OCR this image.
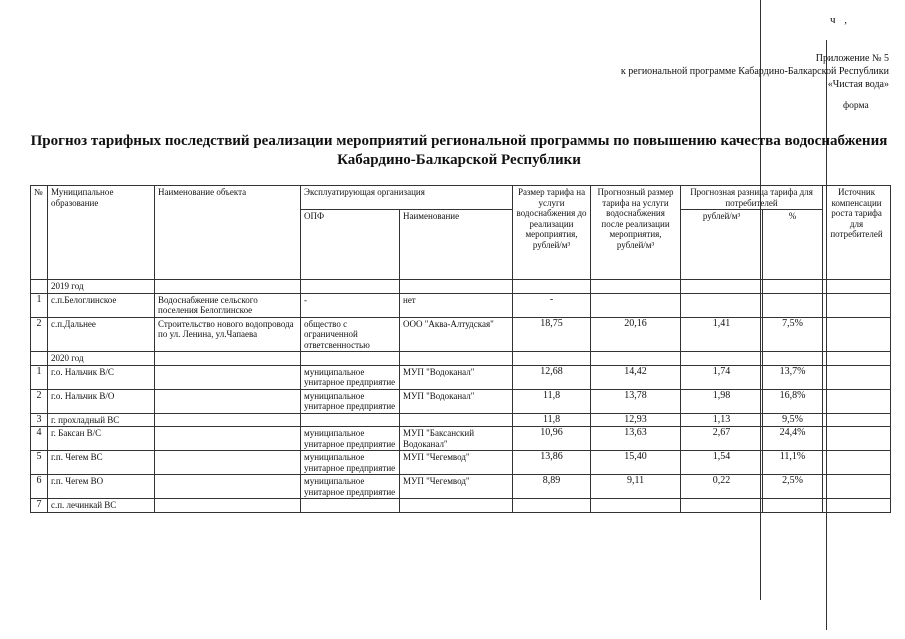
ч ,
Приложение № 5
к региональной программе Кабардино-Балкарской Республики
«Чистая вода»
форма
Прогноз тарифных последствий реализации мероприятий региональной программы по повышению качества водоснабжения
Кабардино-Балкарской Республики
№	Муниципальное образование	Наименование объекта	Эксплуатирующая организация		Размер тарифа на услуги водоснабжения до реализации мероприятия, рублей/м³	Прогнозный размер тарифа на услуги водоснабжения после реализации мероприятия, рублей/м³	Прогнозная разница тарифа для потребителей		Источник компенсации роста тарифа для потребителей
			ОПФ	Наименование			рублей/м³	%	
	2019 год								
1	с.п.Белоглинское	Водоснабжение сельского поселения Белоглинское	-	нет	-				
2	с.п.Дальнее	Строительство нового водопровода по ул. Ленина, ул.Чапаева	общество с ограниченной ответсвенностью	ООО "Аква-Алтудская"	18,75	20,16	1,41	7,5%	
	2020 год								
1	г.о. Нальчик В/С		муниципальное унитарное предприятие	МУП "Водоканал"	12,68	14,42	1,74	13,7%	
2	г.о. Нальчик В/О		муниципальное унитарное предприятие	МУП "Водоканал"	11,8	13,78	1,98	16,8%	
3	г. прохладный ВС				11,8	12,93	1,13	9,5%	
4	г. Баксан В/С		муниципальное унитарное предприятие	МУП "Баксанский Водоканал"	10,96	13,63	2,67	24,4%	
5	г.п. Чегем ВС		муниципальное унитарное предприятие	МУП "Чегемвод"	13,86	15,40	1,54	11,1%	
6	г.п. Чегем ВО		муниципальное унитарное предприятие	МУП "Чегемвод"	8,89	9,11	0,22	2,5%	
7	с.п. лечинкай ВС								
